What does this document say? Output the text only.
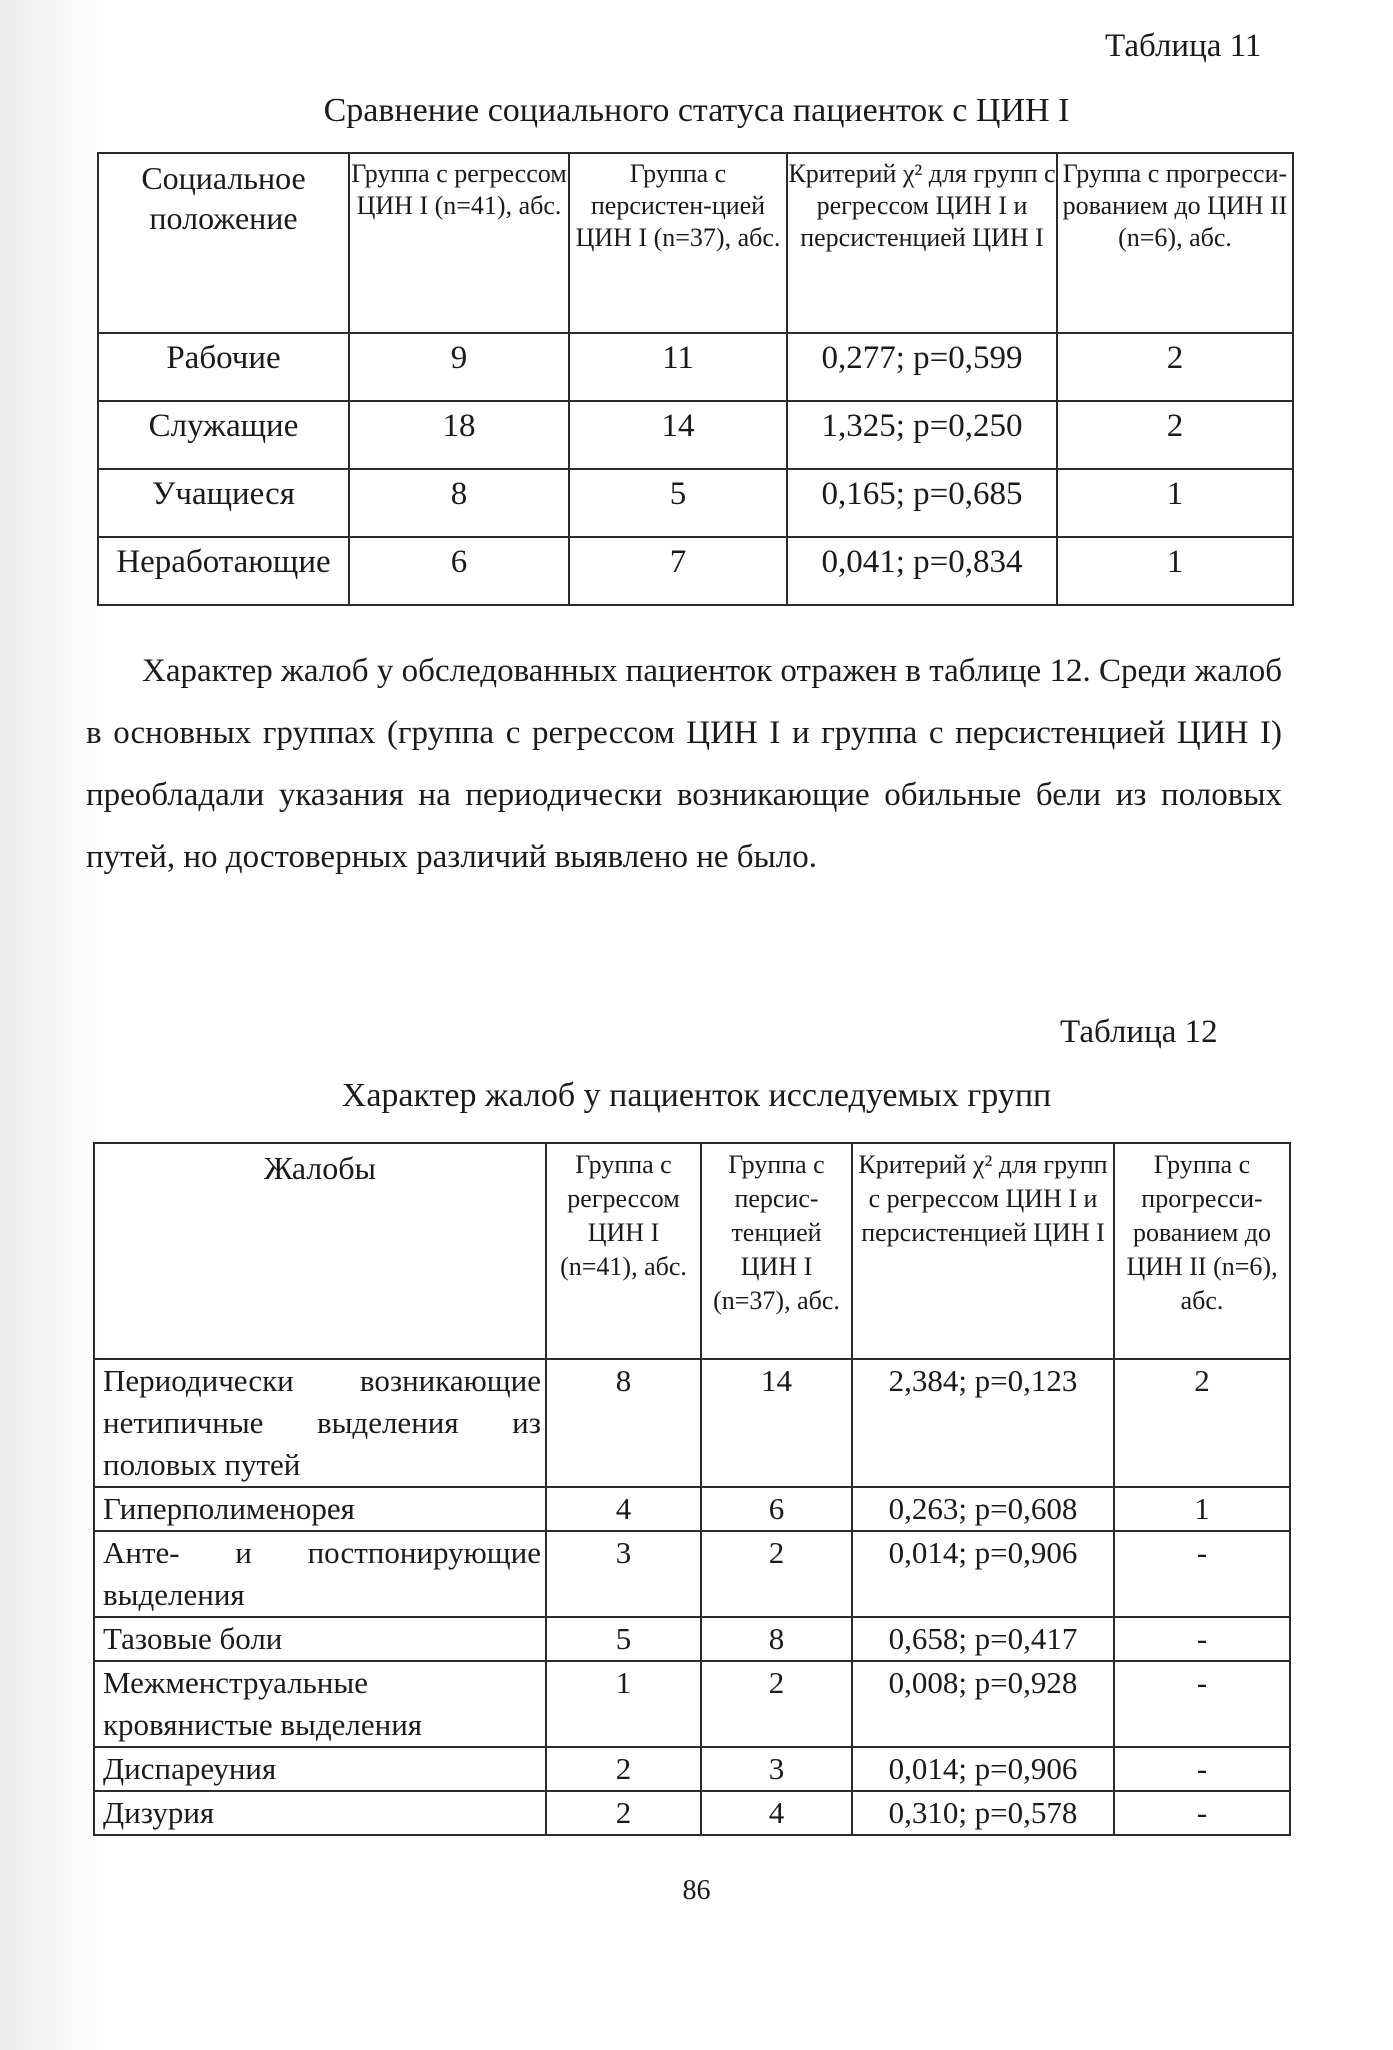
Таблица 11
Сравнение социального статуса пациенток с ЦИН I
Социальное положение	Группа с регрессом ЦИН I (n=41), абс.	Группа с персистен-цией ЦИН I (n=37), абс.	Критерий χ² для групп с регрессом ЦИН I и персистенцией ЦИН I	Группа с прогресси-рованием до ЦИН II (n=6), абс.
Рабочие	9	11	0,277; p=0,599	2
Служащие	18	14	1,325; p=0,250	2
Учащиеся	8	5	0,165; p=0,685	1
Неработающие	6	7	0,041; p=0,834	1

Характер жалоб у обследованных пациенток отражен в таблице 12. Среди жалоб в основных группах (группа с регрессом ЦИН I и группа с персистенцией ЦИН I) преобладали указания на периодически возникающие обильные бели из половых путей, но достоверных различий выявлено не было.

Таблица 12
Характер жалоб у пациенток исследуемых групп
Жалобы	Группа с регрессом ЦИН I (n=41), абс.	Группа с персис-тенцией ЦИН I (n=37), абс.	Критерий χ² для групп с регрессом ЦИН I и персистенцией ЦИН I	Группа с прогресси-рованием до ЦИН II (n=6), абс.
Периодически возникающие нетипичные выделения из половых путей	8	14	2,384; p=0,123	2
Гиперполименорея	4	6	0,263; p=0,608	1
Анте- и постпонирующие выделения	3	2	0,014; p=0,906	-
Тазовые боли	5	8	0,658; p=0,417	-
Межменструальные кровянистые выделения	1	2	0,008; p=0,928	-
Диспареуния	2	3	0,014; p=0,906	-
Дизурия	2	4	0,310; p=0,578	-
86
